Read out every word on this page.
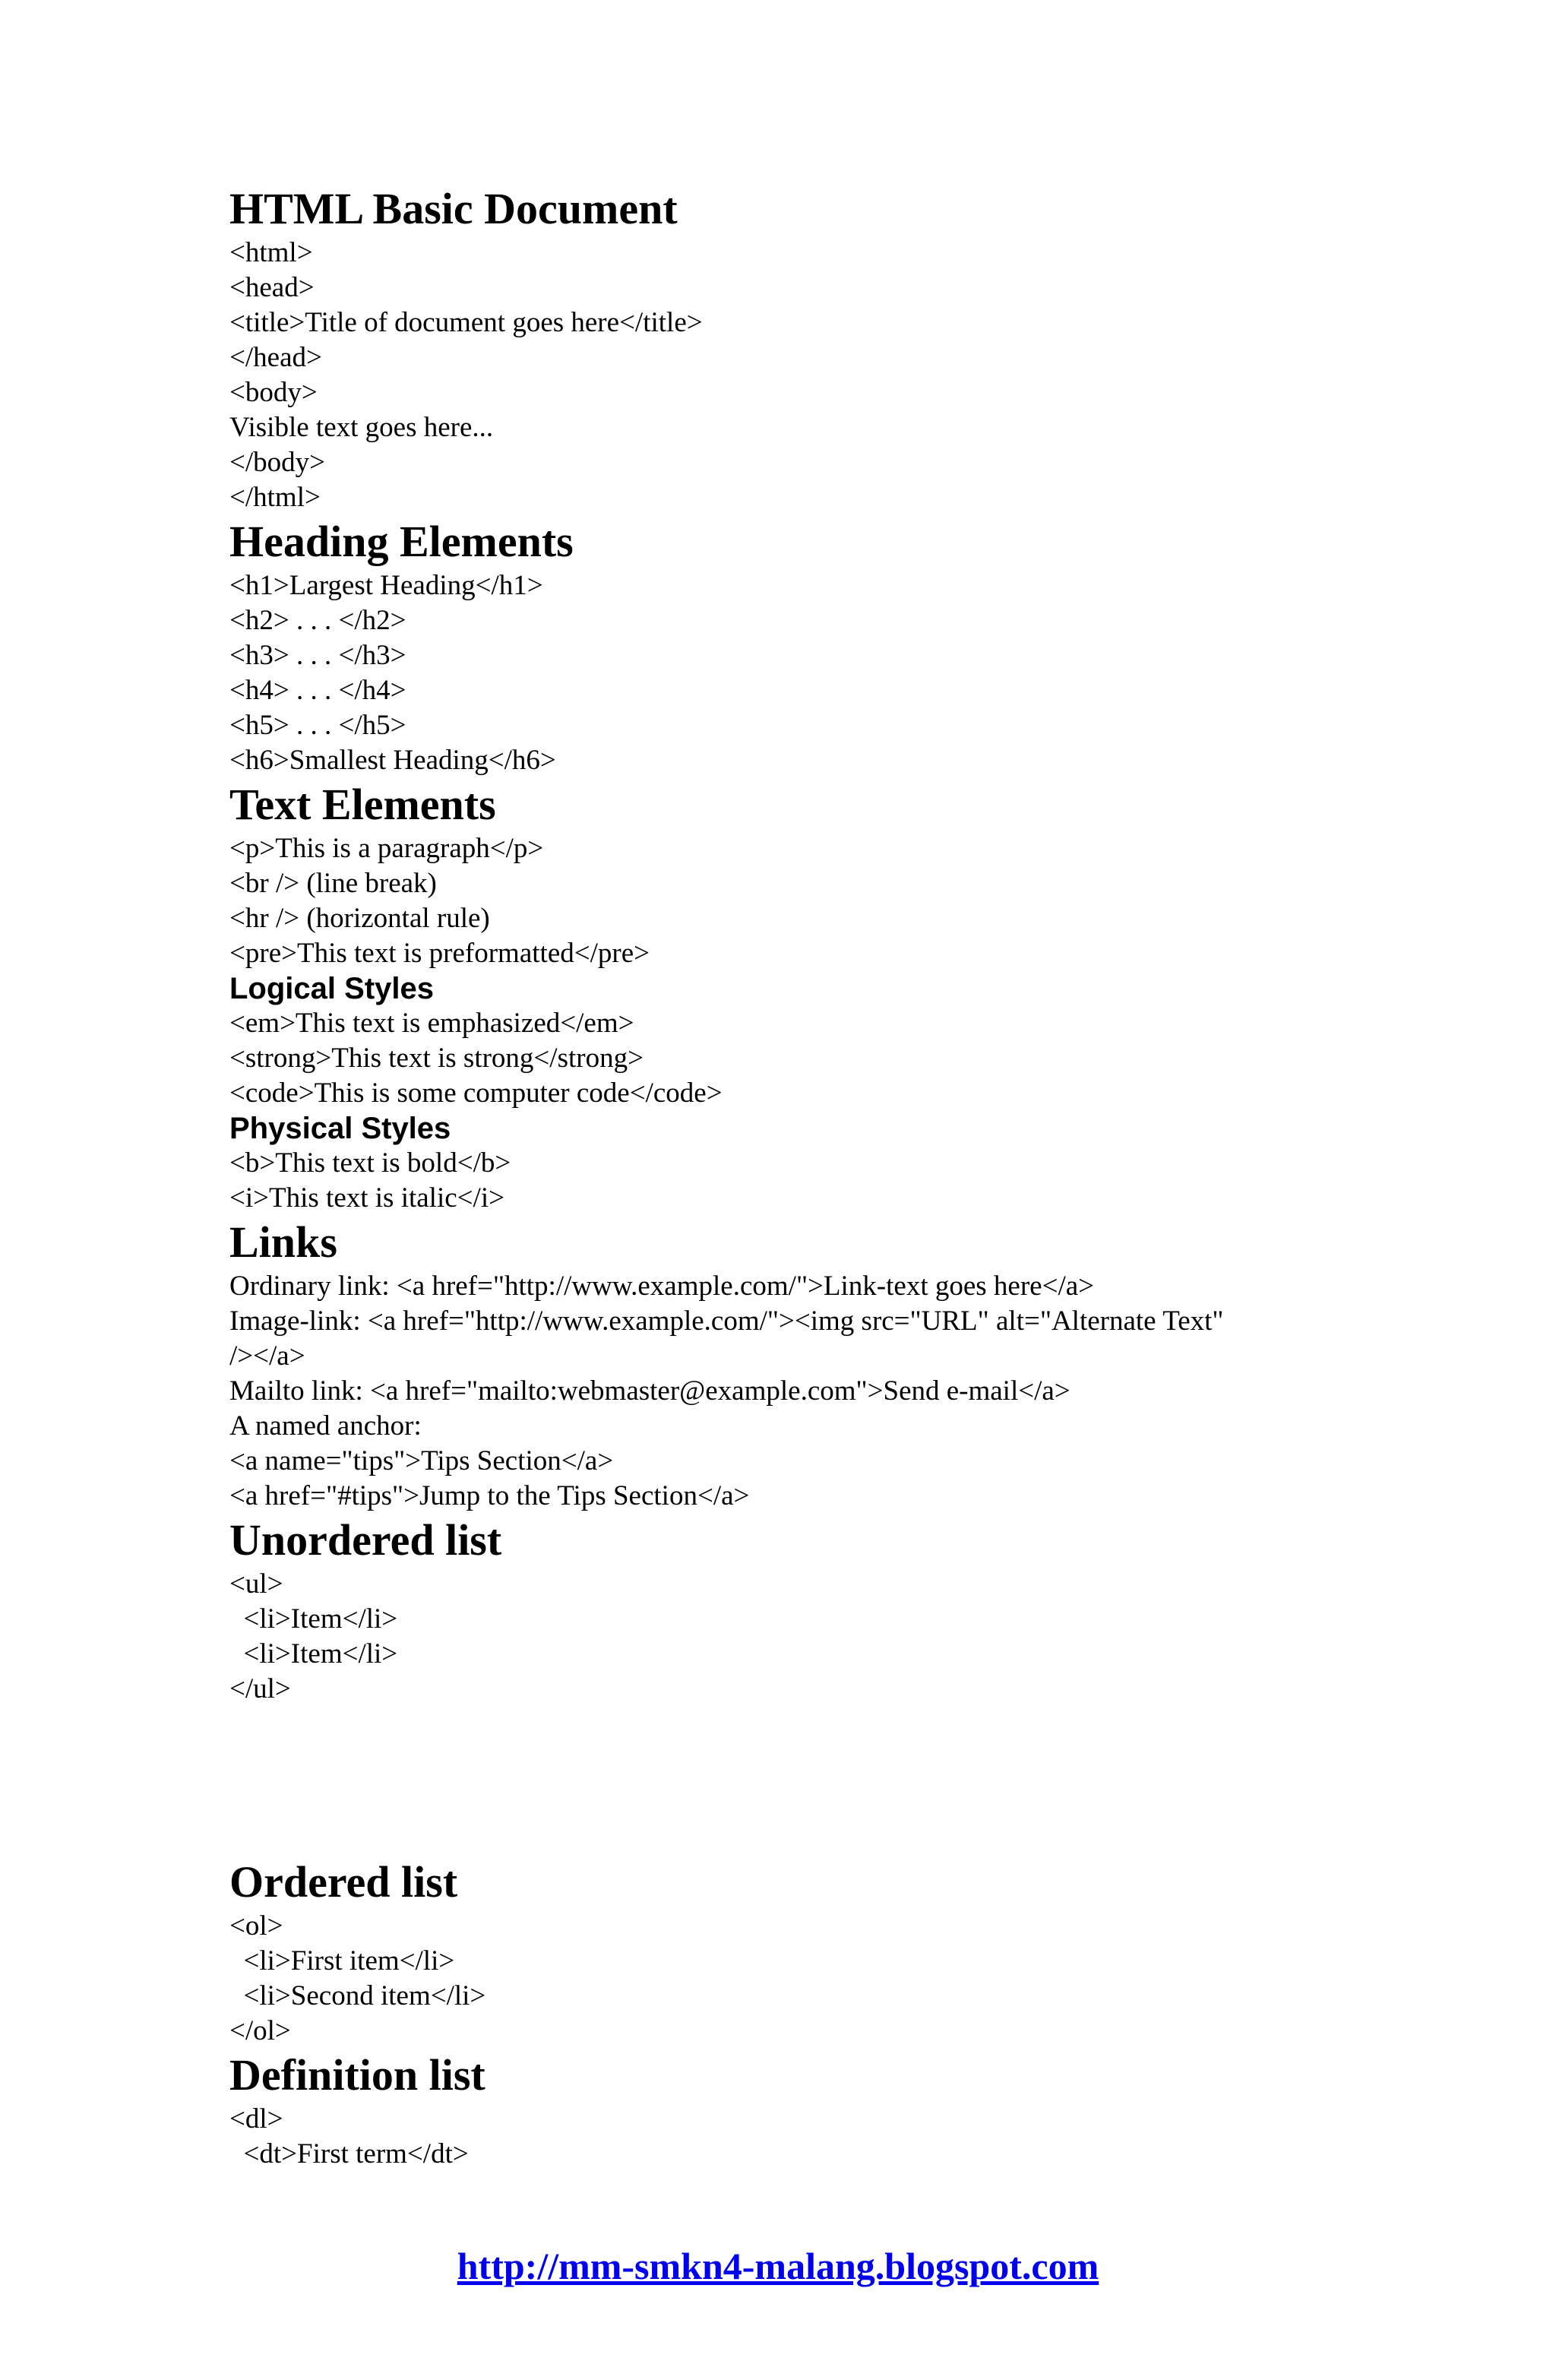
HTML Basic Document
<html>
<head>
<title>Title of document goes here</title>
</head>
<body>
Visible text goes here...
</body>
</html>
Heading Elements
<h1>Largest Heading</h1>
<h2> . . . </h2>
<h3> . . . </h3>
<h4> . . . </h4>
<h5> . . . </h5>
<h6>Smallest Heading</h6>
Text Elements
<p>This is a paragraph</p>
<br /> (line break)
<hr /> (horizontal rule)
<pre>This text is preformatted</pre>
Logical Styles
<em>This text is emphasized</em>
<strong>This text is strong</strong>
<code>This is some computer code</code>
Physical Styles
<b>This text is bold</b>
<i>This text is italic</i>
Links
Ordinary link: <a href="http://www.example.com/">Link-text goes here</a>
Image-link: <a href="http://www.example.com/"><img src="URL" alt="Alternate Text"
/></a>
Mailto link: <a href="mailto:webmaster@example.com">Send e-mail</a>
A named anchor:
<a name="tips">Tips Section</a>
<a href="#tips">Jump to the Tips Section</a>
Unordered list
<ul>
<li>Item</li>
<li>Item</li>
</ul>
Ordered list
<ol>
<li>First item</li>
<li>Second item</li>
</ol>
Definition list
<dl>
<dt>First term</dt>
http://mm-smkn4-malang.blogspot.com
